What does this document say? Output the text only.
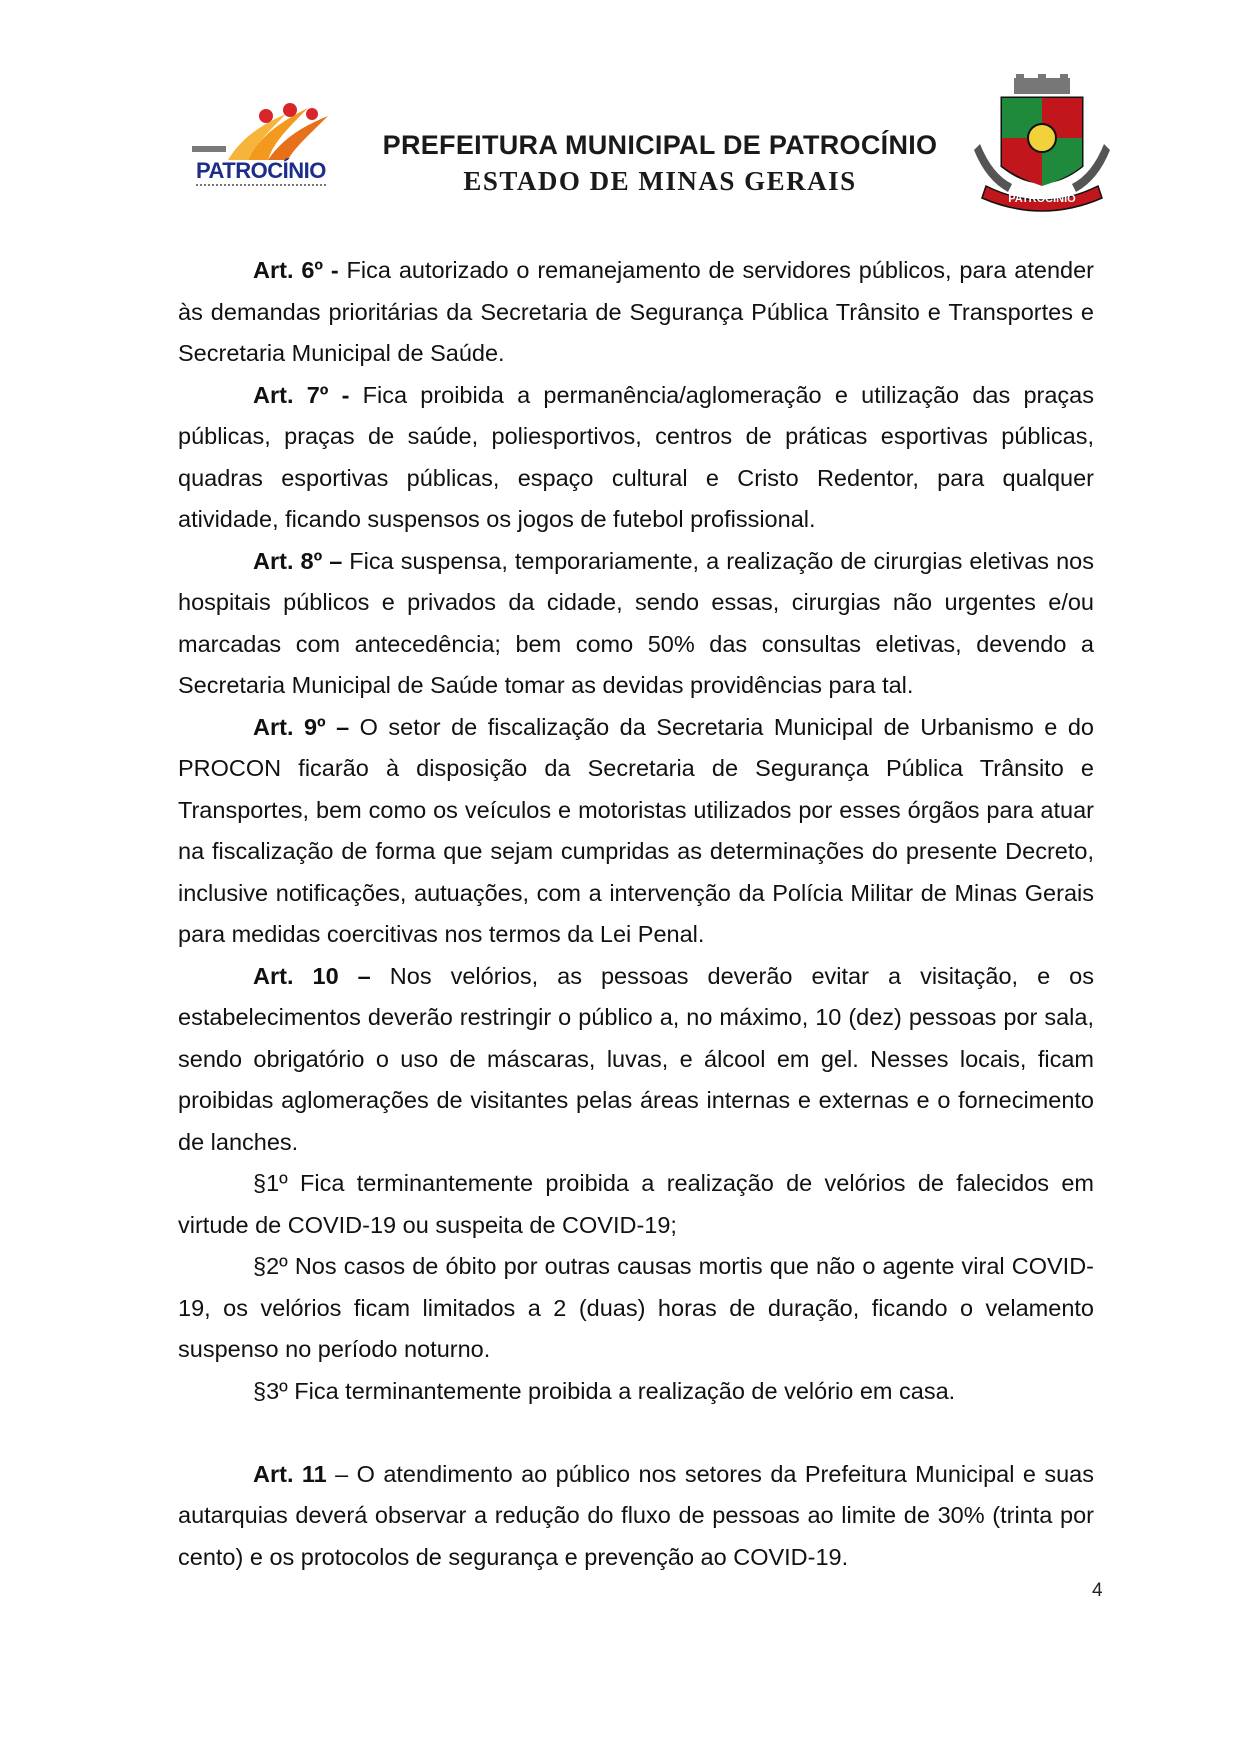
PATROCÍNIO
PREFEITURA MUNICIPAL DE PATROCÍNIO
ESTADO DE MINAS GERAIS
PATROCINIO

Art. 6º - Fica autorizado o remanejamento de servidores públicos, para atender às demandas prioritárias da Secretaria de Segurança Pública Trânsito e Transportes e Secretaria Municipal de Saúde.

Art. 7º - Fica proibida a permanência/aglomeração e utilização das praças públicas, praças de saúde, poliesportivos, centros de práticas esportivas públicas, quadras esportivas públicas, espaço cultural e Cristo Redentor, para qualquer atividade, ficando suspensos os jogos de futebol profissional.

Art. 8º – Fica suspensa, temporariamente, a realização de cirurgias eletivas nos hospitais públicos e privados da cidade, sendo essas, cirurgias não urgentes e/ou marcadas com antecedência; bem como 50% das consultas eletivas, devendo a Secretaria Municipal de Saúde tomar as devidas providências para tal.

Art. 9º – O setor de fiscalização da Secretaria Municipal de Urbanismo e do PROCON ficarão à disposição da Secretaria de Segurança Pública Trânsito e Transportes, bem como os veículos e motoristas utilizados por esses órgãos para atuar na fiscalização de forma que sejam cumpridas as determinações do presente Decreto, inclusive notificações, autuações, com a intervenção da Polícia Militar de Minas Gerais para medidas coercitivas nos termos da Lei Penal.

Art. 10 – Nos velórios, as pessoas deverão evitar a visitação, e os estabelecimentos deverão restringir o público a, no máximo, 10 (dez) pessoas por sala, sendo obrigatório o uso de máscaras, luvas, e álcool em gel. Nesses locais, ficam proibidas aglomerações de visitantes pelas áreas internas e externas e o fornecimento de lanches.

§1º Fica terminantemente proibida a realização de velórios de falecidos em virtude de COVID-19 ou suspeita de COVID-19;

§2º Nos casos de óbito por outras causas mortis que não o agente viral COVID-19, os velórios ficam limitados a 2 (duas) horas de duração, ficando o velamento suspenso no período noturno.

§3º Fica terminantemente proibida a realização de velório em casa.

Art. 11 – O atendimento ao público nos setores da Prefeitura Municipal e suas autarquias deverá observar a redução do fluxo de pessoas ao limite de 30% (trinta por cento) e os protocolos de segurança e prevenção ao COVID-19.

4
